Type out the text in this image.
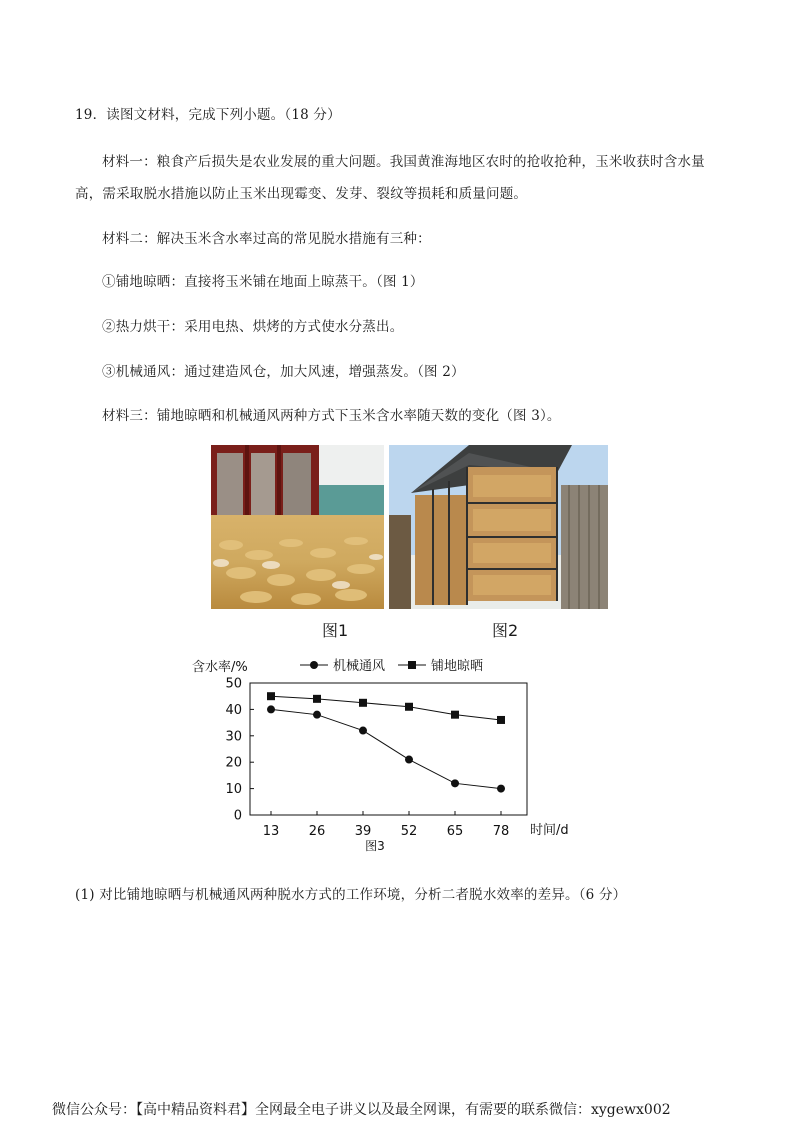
19．读图文材料，完成下列小题。（18 分）
材料一：粮食产后损失是农业发展的重大问题。我国黄淮海地区农时的抢收抢种，玉米收获时含水量
高，需采取脱水措施以防止玉米出现霉变、发芽、裂纹等损耗和质量问题。
材料二：解决玉米含水率过高的常见脱水措施有三种：
①铺地晾晒：直接将玉米铺在地面上晾蒸干。（图 1）
②热力烘干：采用电热、烘烤的方式使水分蒸出。
③机械通风：通过建造风仓，加大风速，增强蒸发。（图 2）
材料三：铺地晾晒和机械通风两种方式下玉米含水率随天数的变化（图 3）。
图1	图2
含水率/%	机械通风	铺地晾晒
0
10
20
30
40
50
13 26 39 52 65 78 时间/d
图3
(1) 对比铺地晾晒与机械通风两种脱水方式的工作环境，分析二者脱水效率的差异。（6 分）
微信公众号：【高中精品资料君】全网最全电子讲义以及最全网课，有需要的联系微信：xygewx002
